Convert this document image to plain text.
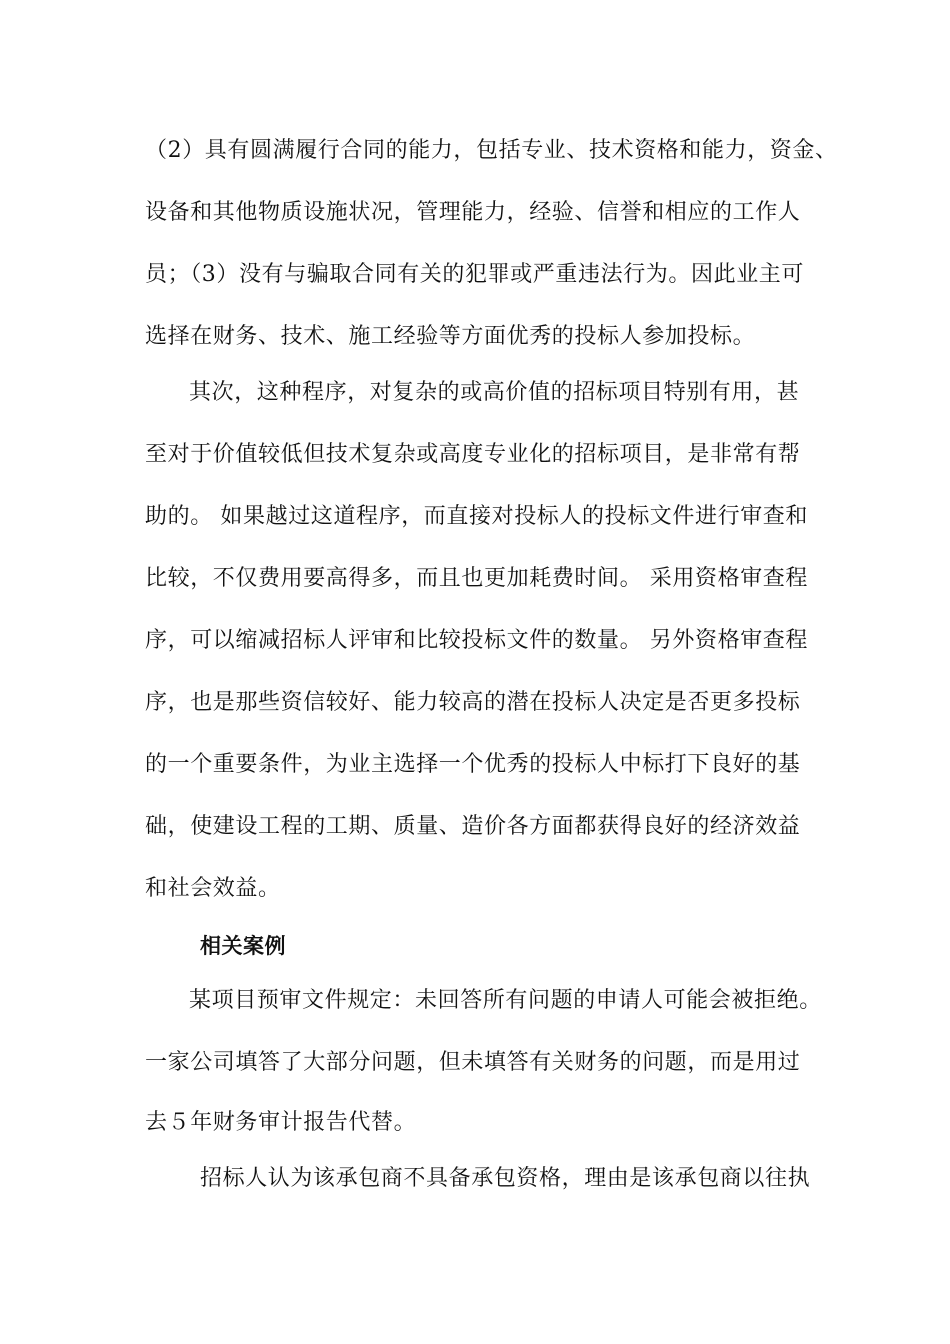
（2）具有圆满履行合同的能力，包括专业、技术资格和能力，资金、
设备和其他物质设施状况，管理能力，经验、信誉和相应的工作人
员；（3）没有与骗取合同有关的犯罪或严重违法行为。因此业主可
选择在财务、技术、施工经验等方面优秀的投标人参加投标。
其次，这种程序，对复杂的或高价值的招标项目特别有用，甚
至对于价值较低但技术复杂或高度专业化的招标项目，是非常有帮
助的。 如果越过这道程序，而直接对投标人的投标文件进行审查和
比较，不仅费用要高得多，而且也更加耗费时间。 采用资格审查程
序，可以缩减招标人评审和比较投标文件的数量。 另外资格审查程
序，也是那些资信较好、能力较高的潜在投标人决定是否更多投标
的一个重要条件，为业主选择一个优秀的投标人中标打下良好的基
础，使建设工程的工期、质量、造价各方面都获得良好的经济效益
和社会效益。
相关案例
某项目预审文件规定：未回答所有问题的申请人可能会被拒绝。
一家公司填答了大部分问题，但未填答有关财务的问题，而是用过
去５年财务审计报告代替。
招标人认为该承包商不具备承包资格，理由是该承包商以往执
